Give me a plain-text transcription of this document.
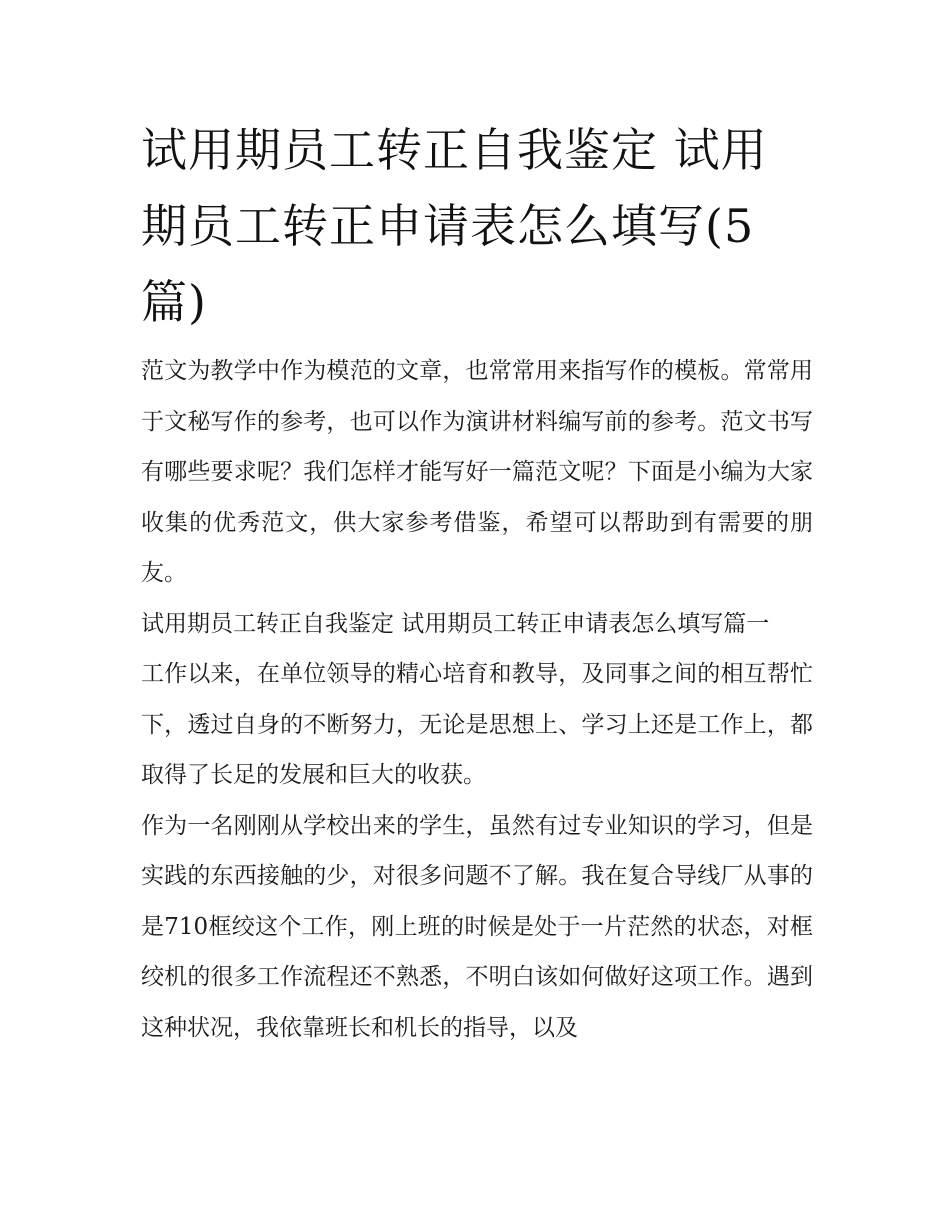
试用期员工转正自我鉴定 试用期员工转正申请表怎么填写(5篇)

范文为教学中作为模范的文章，也常常用来指写作的模板。常常用于文秘写作的参考，也可以作为演讲材料编写前的参考。范文书写有哪些要求呢？我们怎样才能写好一篇范文呢？下面是小编为大家收集的优秀范文，供大家参考借鉴，希望可以帮助到有需要的朋友。

试用期员工转正自我鉴定 试用期员工转正申请表怎么填写篇一

工作以来，在单位领导的精心培育和教导，及同事之间的相互帮忙下，透过自身的不断努力，无论是思想上、学习上还是工作上，都取得了长足的发展和巨大的收获。

作为一名刚刚从学校出来的学生，虽然有过专业知识的学习，但是实践的东西接触的少，对很多问题不了解。我在复合导线厂从事的是710框绞这个工作，刚上班的时候是处于一片茫然的状态，对框绞机的很多工作流程还不熟悉，不明白该如何做好这项工作。遇到这种状况，我依靠班长和机长的指导，以及
